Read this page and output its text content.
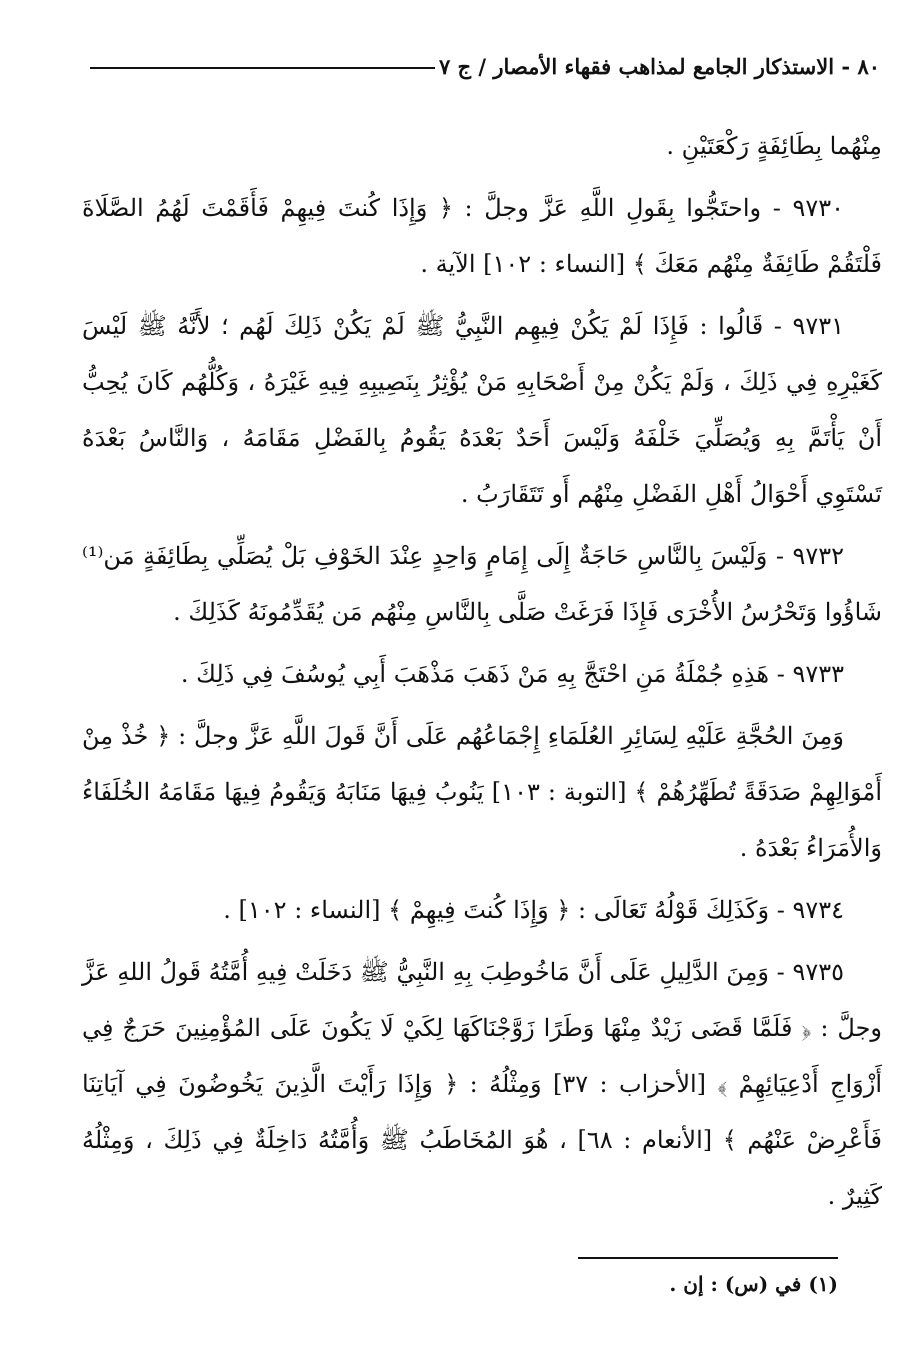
٨٠ - الاستذكار الجامع لمذاهب فقهاء الأمصار / ج ٧

مِنْهُما بِطَائِفَةٍ رَكْعَتَيْنِ .

٩٧٣٠ - واحتَجُّوا بِقَولِ اللَّهِ عَزَّ وجلَّ : ﴿ وَإِذَا كُنتَ فِيهِمْ فَأَقَمْتَ لَهُمُ الصَّلَاةَ فَلْتَقُمْ طَائِفَةٌ مِنْهُم مَعَكَ ﴾ [النساء : ١٠٢] الآية .

٩٧٣١ - قَالُوا : فَإِذَا لَمْ يَكُنْ فِيهِم النَّبِيُّ ﷺ لَمْ يَكُنْ ذَلِكَ لَهُم ؛ لأَنَّهُ ﷺ لَيْسَ كَغَيْرِهِ فِي ذَلِكَ ، وَلَمْ يَكُنْ مِنْ أَصْحَابِهِ مَنْ يُؤْثِرُ بِنَصِيبِهِ فِيهِ غَيْرَهُ ، وَكُلُّهُم كَانَ يُحِبُّ أَنْ يَأْتَمَّ بِهِ وَيُصَلِّيَ خَلْفَهُ وَلَيْسَ أَحَدٌ بَعْدَهُ يَقُومُ بِالفَضْلِ مَقَامَهُ ، وَالنَّاسُ بَعْدَهُ تَسْتَوِي أَحْوَالُ أَهْلِ الفَضْلِ مِنْهُم أَو تَتَقَارَبُ .

٩٧٣٢ - وَلَيْسَ بِالنَّاسِ حَاجَةٌ إِلَى إِمَامٍ وَاحِدٍ عِنْدَ الخَوْفِ بَلْ يُصَلِّي بِطَائِفَةٍ مَن⁽¹⁾ شَاؤُوا وَتَحْرُسُ الأُخْرَى فَإِذَا فَرَغَتْ صَلَّى بِالنَّاسِ مِنْهُم مَن يُقَدِّمُونَهُ كَذَلِكَ .

٩٧٣٣ - هَذِهِ جُمْلَةُ مَنِ احْتَجَّ بِهِ مَنْ ذَهَبَ مَذْهَبَ أَبِي يُوسُفَ فِي ذَلِكَ .

وَمِنَ الحُجَّةِ عَلَيْهِ لِسَائِرِ العُلَمَاءِ إِجْمَاعُهُم عَلَى أَنَّ قَولَ اللَّهِ عَزَّ وجلَّ : ﴿ خُذْ مِنْ أَمْوَالِهِمْ صَدَقَةً تُطَهِّرُهُمْ ﴾ [التوبة : ١٠٣] يَنُوبُ فِيهَا مَنَابَهُ وَيَقُومُ فِيهَا مَقَامَهُ الخُلَفَاءُ وَالأُمَرَاءُ بَعْدَهُ .

٩٧٣٤ - وَكَذَلِكَ قَوْلُهُ تَعَالَى : ﴿ وَإِذَا كُنتَ فِيهِمْ ﴾ [النساء : ١٠٢] .

٩٧٣٥ - وَمِنَ الدَّلِيلِ عَلَى أَنَّ مَاخُوطِبَ بِهِ النَّبِيُّ ﷺ دَخَلَتْ فِيهِ أُمَّتُهُ قَولُ اللهِ عَزَّ وجلَّ : ﴿ فَلَمَّا قَضَى زَيْدٌ مِنْهَا وَطَرًا زَوَّجْنَاكَهَا لِكَيْ لَا يَكُونَ عَلَى المُؤْمِنِينَ حَرَجٌ فِي أَزْوَاجِ أَدْعِيَائِهِمْ ﴾ [الأحزاب : ٣٧] وَمِثْلُهُ : ﴿ وَإِذَا رَأَيْتَ الَّذِينَ يَخُوضُونَ فِي آيَاتِنَا فَأَعْرِضْ عَنْهُم ﴾ [الأنعام : ٦٨] ، هُوَ المُخَاطَبُ ﷺ وَأُمَّتُهُ دَاخِلَةٌ فِي ذَلِكَ ، وَمِثْلُهُ كَثِيرٌ .

(١) في (س) : إن .
